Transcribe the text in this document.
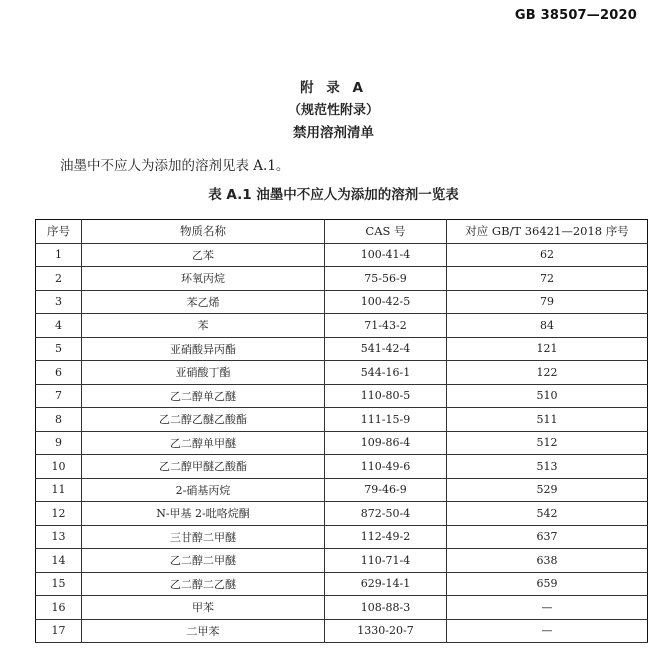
GB 38507—2020
附 录 A
（规范性附录）
禁用溶剂清单
油墨中不应人为添加的溶剂见表 A.1。
表 A.1 油墨中不应人为添加的溶剂一览表
序号	物质名称	CAS 号	对应 GB/T 36421—2018 序号
1	乙苯	100-41-4	62
2	环氧丙烷	75-56-9	72
3	苯乙烯	100-42-5	79
4	苯	71-43-2	84
5	亚硝酸异丙酯	541-42-4	121
6	亚硝酸丁酯	544-16-1	122
7	乙二醇单乙醚	110-80-5	510
8	乙二醇乙醚乙酸酯	111-15-9	511
9	乙二醇单甲醚	109-86-4	512
10	乙二醇甲醚乙酸酯	110-49-6	513
11	2-硝基丙烷	79-46-9	529
12	N-甲基 2-吡咯烷酮	872-50-4	542
13	三甘醇二甲醚	112-49-2	637
14	乙二醇二甲醚	110-71-4	638
15	乙二醇二乙醚	629-14-1	659
16	甲苯	108-88-3	—
17	二甲苯	1330-20-7	—
